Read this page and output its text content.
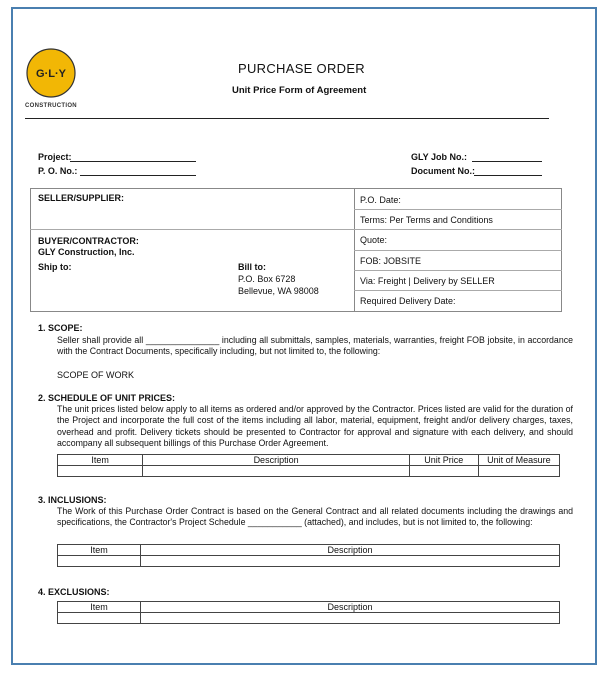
G·L·Y
CONSTRUCTION
PURCHASE ORDER
Unit Price Form of Agreement
Project:
P. O. No.:
GLY Job No.:
Document No.:
SELLER/SUPPLIER:
BUYER/CONTRACTOR:
GLY Construction, Inc.
Ship to:	Bill to:
P.O. Box 6728
Bellevue, WA 98008
P.O. Date:
Terms: Per Terms and Conditions
Quote:
FOB: JOBSITE
Via: Freight | Delivery by SELLER
Required Delivery Date:
1. SCOPE:
Seller shall provide all _______________ including all submittals, samples, materials, warranties, freight FOB jobsite, in accordance with the Contract Documents, specifically including, but not limited to, the following:
SCOPE OF WORK
2. SCHEDULE OF UNIT PRICES:
The unit prices listed below apply to all items as ordered and/or approved by the Contractor. Prices listed are valid for the duration of the Project and incorporate the full cost of the items including all labor, material, equipment, freight and/or delivery charges, taxes, overhead and profit. Delivery tickets should be presented to Contractor for approval and signature with each delivery, and should accompany all subsequent billings of this Purchase Order Agreement.
Item	Description	Unit Price	Unit of Measure

3. INCLUSIONS:
The Work of this Purchase Order Contract is based on the General Contract and all related documents including the drawings and specifications, the Contractor's Project Schedule ___________ (attached), and includes, but is not limited to, the following:
Item	Description

4. EXCLUSIONS:
Item	Description
